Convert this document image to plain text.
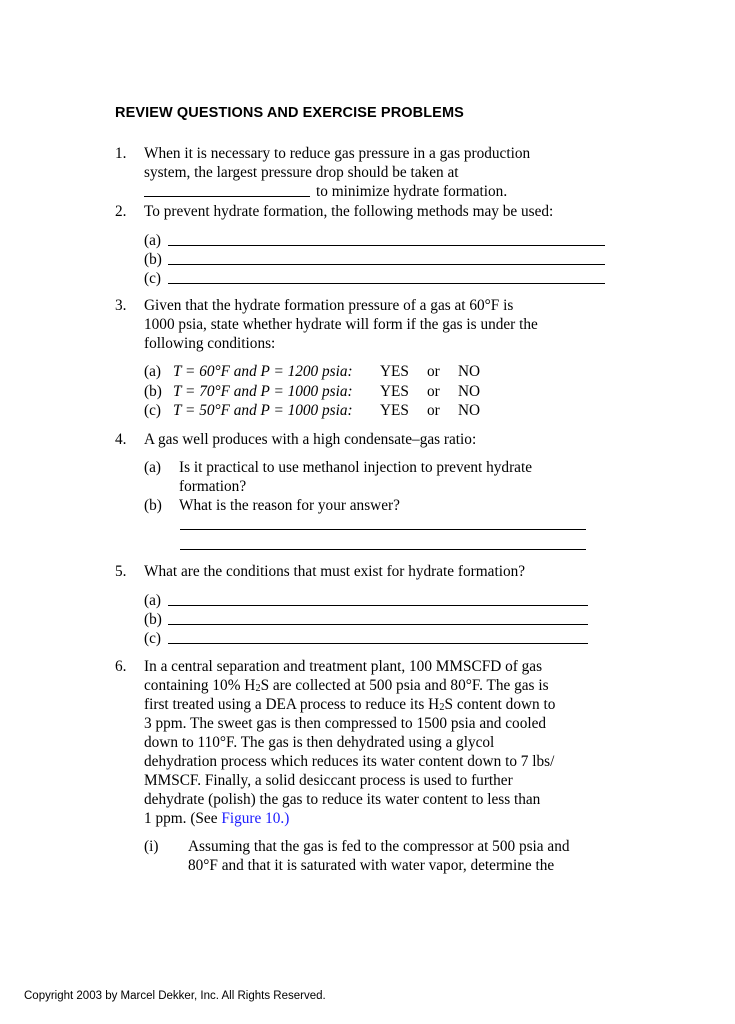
REVIEW QUESTIONS AND EXERCISE PROBLEMS
1. When it is necessary to reduce gas pressure in a gas production
system, the largest pressure drop should be taken at
to minimize hydrate formation.
2. To prevent hydrate formation, the following methods may be used:
(a)
(b)
(c)
3. Given that the hydrate formation pressure of a gas at 60°F is
1000 psia, state whether hydrate will form if the gas is under the
following conditions:
(a) T = 60°F and P = 1200 psia: YES or NO
(b) T = 70°F and P = 1000 psia: YES or NO
(c) T = 50°F and P = 1000 psia: YES or NO
4. A gas well produces with a high condensate–gas ratio:
(a) Is it practical to use methanol injection to prevent hydrate
formation?
(b) What is the reason for your answer?
5. What are the conditions that must exist for hydrate formation?
(a)
(b)
(c)
6. In a central separation and treatment plant, 100 MMSCFD of gas
containing 10% $H_2S$ are collected at 500 psia and 80°F. The gas is
first treated using a DEA process to reduce its $H_2S$ content down to
3 ppm. The sweet gas is then compressed to 1500 psia and cooled
down to 110°F. The gas is then dehydrated using a glycol
dehydration process which reduces its water content down to 7 lbs/
MMSCF. Finally, a solid desiccant process is used to further
dehydrate (polish) the gas to reduce its water content to less than
1 ppm. (See Figure 10.)
(i) Assuming that the gas is fed to the compressor at 500 psia and
80°F and that it is saturated with water vapor, determine the
Copyright 2003 by Marcel Dekker, Inc. All Rights Reserved.
